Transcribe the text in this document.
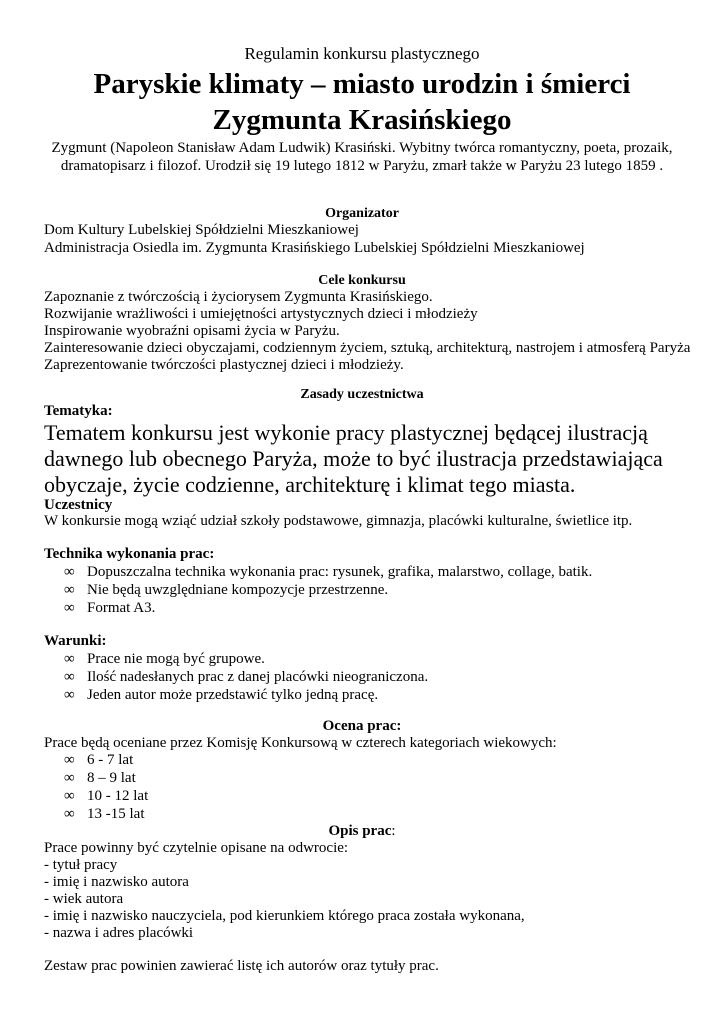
Regulamin konkursu plastycznego
Paryskie klimaty – miasto urodzin i śmierci
Zygmunta Krasińskiego
Zygmunt (Napoleon Stanisław Adam Ludwik) Krasiński. Wybitny twórca romantyczny, poeta, prozaik,
dramatopisarz i filozof. Urodził się 19 lutego 1812 w Paryżu, zmarł także w Paryżu 23 lutego 1859 .
Organizator
Dom Kultury Lubelskiej Spółdzielni Mieszkaniowej
Administracja Osiedla im. Zygmunta Krasińskiego Lubelskiej Spółdzielni Mieszkaniowej
Cele konkursu
Zapoznanie z twórczością i życiorysem Zygmunta Krasińskiego.
Rozwijanie wrażliwości i umiejętności artystycznych dzieci i młodzieży
Inspirowanie wyobraźni opisami życia w Paryżu.
Zainteresowanie dzieci obyczajami, codziennym życiem, sztuką, architekturą, nastrojem i atmosferą Paryża
Zaprezentowanie twórczości plastycznej dzieci i młodzieży.
Zasady uczestnictwa
Tematyka:
Tematem konkursu jest wykonie pracy plastycznej będącej ilustracją
dawnego lub obecnego Paryża, może to być ilustracja przedstawiająca
obyczaje, życie codzienne, architekturę i klimat tego miasta.
Uczestnicy
W konkursie mogą wziąć udział szkoły podstawowe, gimnazja, placówki kulturalne, świetlice itp.
Technika wykonania prac:
∞ Dopuszczalna technika wykonania prac: rysunek, grafika, malarstwo, collage, batik.
∞ Nie będą uwzględniane kompozycje przestrzenne.
∞ Format A3.
Warunki:
∞ Prace nie mogą być grupowe.
∞ Ilość nadesłanych prac z danej placówki nieograniczona.
∞ Jeden autor może przedstawić tylko jedną pracę.
Ocena prac:
Prace będą oceniane przez Komisję Konkursową w czterech kategoriach wiekowych:
∞ 6 - 7 lat
∞ 8 – 9 lat
∞ 10 - 12 lat
∞ 13 -15 lat
Opis prac:
Prace powinny być czytelnie opisane na odwrocie:
- tytuł pracy
- imię i nazwisko autora
- wiek autora
- imię i nazwisko nauczyciela, pod kierunkiem którego praca została wykonana,
- nazwa i adres placówki
Zestaw prac powinien zawierać listę ich autorów oraz tytuły prac.
